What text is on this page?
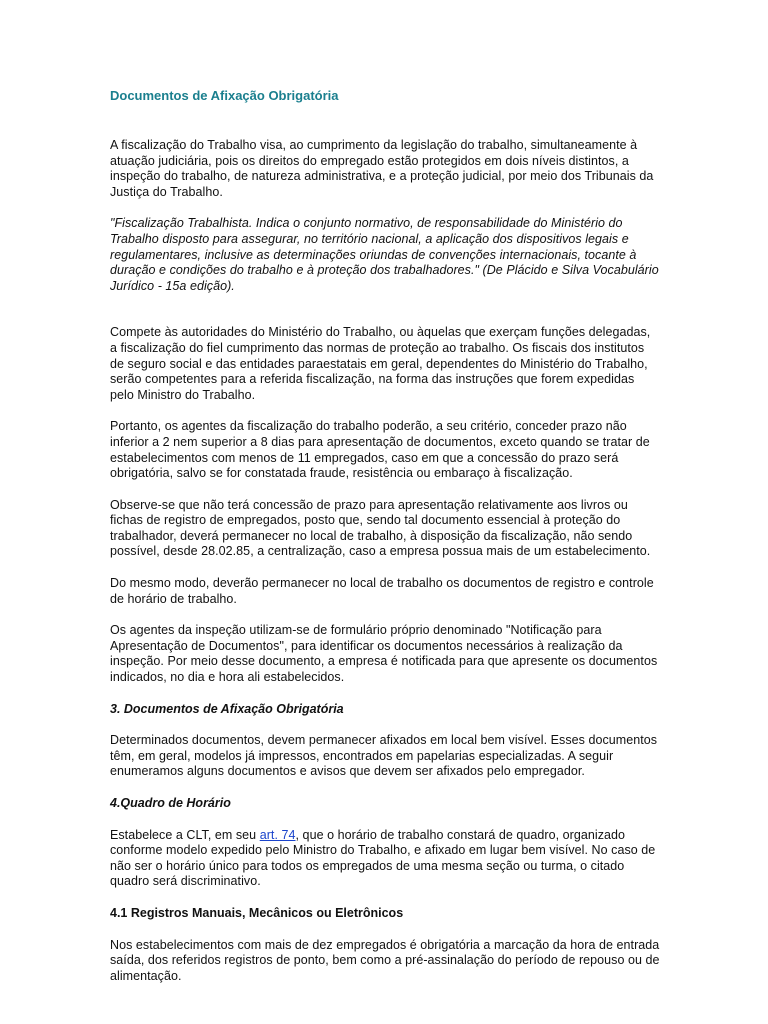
Documentos de Afixação Obrigatória

A fiscalização do Trabalho visa, ao cumprimento da legislação do trabalho, simultaneamente à atuação judiciária, pois os direitos do empregado estão protegidos em dois níveis distintos, a inspeção do trabalho, de natureza administrativa, e a proteção judicial, por meio dos Tribunais da Justiça do Trabalho.

"Fiscalização Trabalhista. Indica o conjunto normativo, de responsabilidade do Ministério do Trabalho disposto para assegurar, no território nacional, a aplicação dos dispositivos legais e regulamentares, inclusive as determinações oriundas de convenções internacionais, tocante à duração e condições do trabalho e à proteção dos trabalhadores." (De Plácido e Silva Vocabulário Jurídico - 15a edição).

Compete às autoridades do Ministério do Trabalho, ou àquelas que exerçam funções delegadas, a fiscalização do fiel cumprimento das normas de proteção ao trabalho. Os fiscais dos institutos de seguro social e das entidades paraestatais em geral, dependentes do Ministério do Trabalho, serão competentes para a referida fiscalização, na forma das instruções que forem expedidas pelo Ministro do Trabalho.

Portanto, os agentes da fiscalização do trabalho poderão, a seu critério, conceder prazo não inferior a 2 nem superior a 8 dias para apresentação de documentos, exceto quando se tratar de estabelecimentos com menos de 11 empregados, caso em que a concessão do prazo será obrigatória, salvo se for constatada fraude, resistência ou embaraço à fiscalização.

Observe-se que não terá concessão de prazo para apresentação relativamente aos livros ou fichas de registro de empregados, posto que, sendo tal documento essencial à proteção do trabalhador, deverá permanecer no local de trabalho, à disposição da fiscalização, não sendo possível, desde 28.02.85, a centralização, caso a empresa possua mais de um estabelecimento.

Do mesmo modo, deverão permanecer no local de trabalho os documentos de registro e controle de horário de trabalho.

Os agentes da inspeção utilizam-se de formulário próprio denominado "Notificação para Apresentação de Documentos", para identificar os documentos necessários à realização da inspeção. Por meio desse documento, a empresa é notificada para que apresente os documentos indicados, no dia e hora ali estabelecidos.

3. Documentos de Afixação Obrigatória

Determinados documentos, devem permanecer afixados em local bem visível. Esses documentos têm, em geral, modelos já impressos, encontrados em papelarias especializadas. A seguir enumeramos alguns documentos e avisos que devem ser afixados pelo empregador.

4.Quadro de Horário

Estabelece a CLT, em seu art. 74, que o horário de trabalho constará de quadro, organizado conforme modelo expedido pelo Ministro do Trabalho, e afixado em lugar bem visível. No caso de não ser o horário único para todos os empregados de uma mesma seção ou turma, o citado quadro será discriminativo.

4.1 Registros Manuais, Mecânicos ou Eletrônicos

Nos estabelecimentos com mais de dez empregados é obrigatória a marcação da hora de entrada saída, dos referidos registros de ponto, bem como a pré-assinalação do período de repouso ou de alimentação.
